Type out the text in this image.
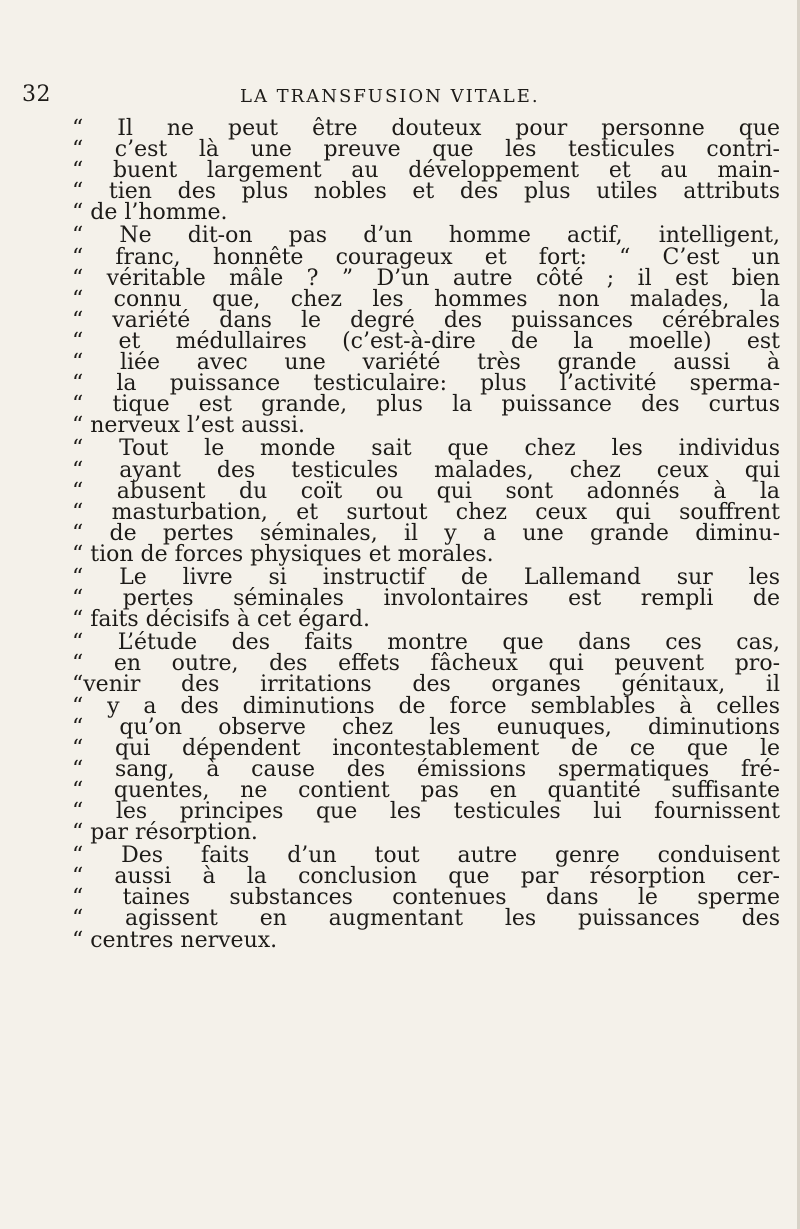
32	LA TRANSFUSION VITALE.
“ Il ne peut être douteux pour personne que
“ c’est là une preuve que les testicules contri-
“ buent largement au développement et au main-
“ tien des plus nobles et des plus utiles attributs
“ de l’homme.
“ Ne dit-on pas d’un homme actif, intelligent,
“ franc, honnête courageux et fort: “ C’est un
“ véritable mâle ? ” D’un autre côté ; il est bien
“ connu que, chez les hommes non malades, la
“ variété dans le degré des puissances cérébrales
“ et médullaires (c’est-à-dire de la moelle) est
“ liée avec une variété très grande aussi à
“ la puissance testiculaire: plus l’activité sperma-
“ tique est grande, plus la puissance des curtus
“ nerveux l’est aussi.
“ Tout le monde sait que chez les individus
“ ayant des testicules malades, chez ceux qui
“ abusent du coït ou qui sont adonnés à la
“ masturbation, et surtout chez ceux qui souffrent
“ de pertes séminales, il y a une grande diminu-
“ tion de forces physiques et morales.
“ Le livre si instructif de Lallemand sur les
“ pertes séminales involontaires est rempli de
“ faits décisifs à cet égard.
“ L’étude des faits montre que dans ces cas,
“ en outre, des effets fâcheux qui peuvent pro-
“venir des irritations des organes génitaux, il
“ y a des diminutions de force semblables à celles
“ qu’on observe chez les eunuques, diminutions
“ qui dépendent incontestablement de ce que le
“ sang, à cause des émissions spermatiques fré-
“ quentes, ne contient pas en quantité suffisante
“ les principes que les testicules lui fournissent
“ par résorption.
“ Des faits d’un tout autre genre conduisent
“ aussi à la conclusion que par résorption cer-
“ taines substances contenues dans le sperme
“ agissent en augmentant les puissances des
“ centres nerveux.
